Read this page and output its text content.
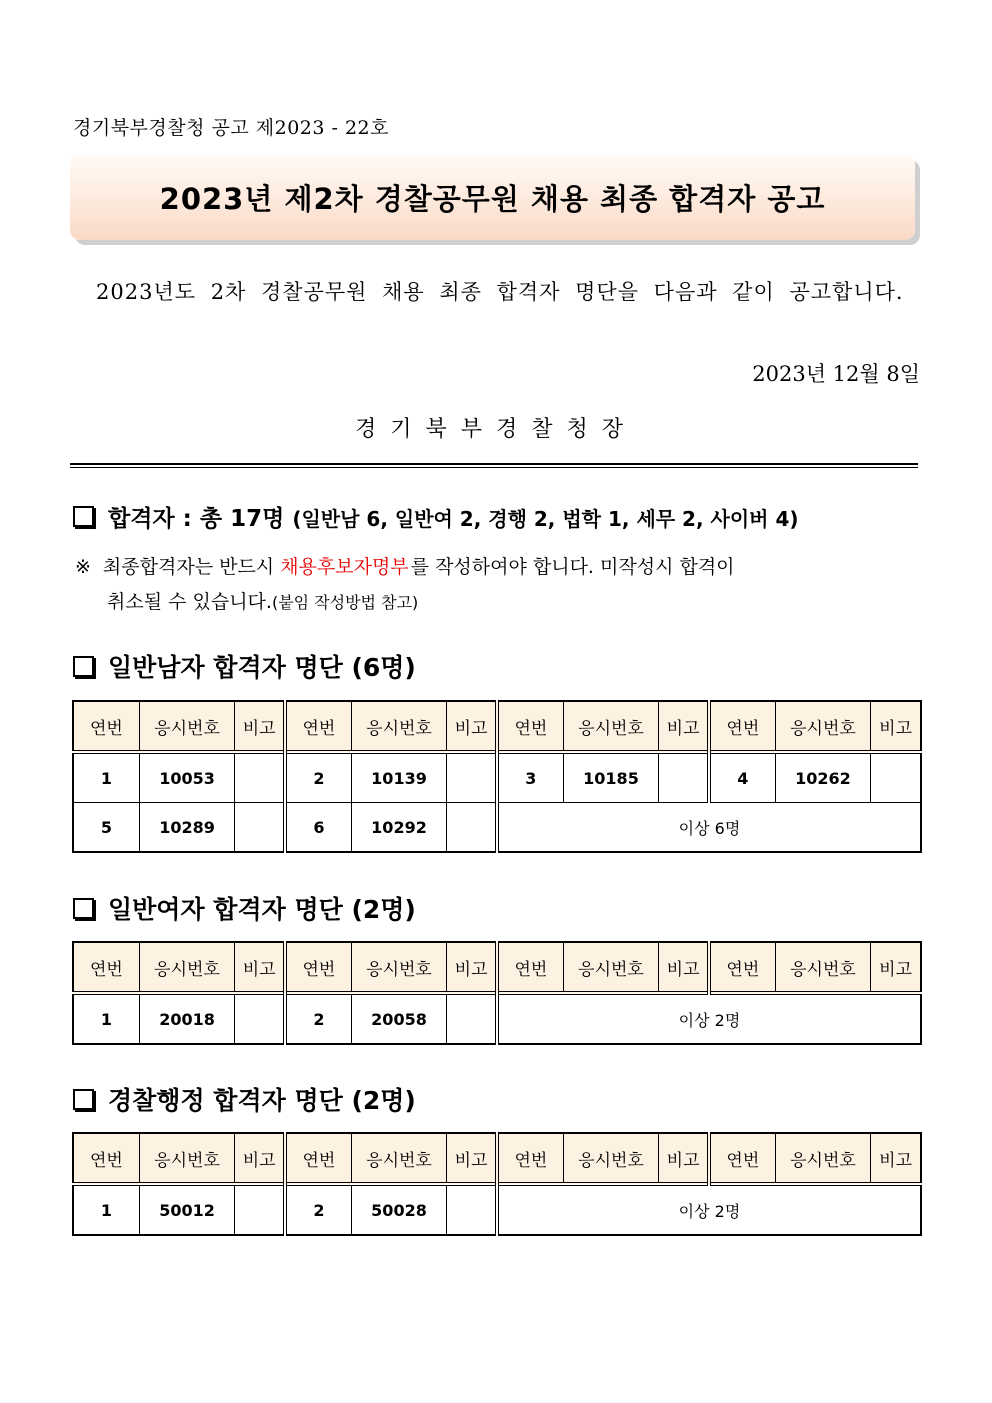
경기북부경찰청 공고 제2023 - 22호
2023년 제2차 경찰공무원 채용 최종 합격자 공고
2023년도 2차 경찰공무원 채용 최종 합격자 명단을 다음과 같이 공고합니다.
2023년 12월 8일
경기북부경찰청장
합격자 : 총 17명 (일반남 6, 일반여 2, 경행 2, 법학 1, 세무 2, 사이버 4)
※ 최종합격자는 반드시 채용후보자명부 를 작성하여야 합니다. 미작성시 합격이
취소될 수 있습니다.(붙임 작성방법 참고)
일반남자 합격자 명단 (6명)
연번	응시번호	비고	연번	응시번호	비고	연번	응시번호	비고	연번	응시번호	비고
1	10053		2	10139		3	10185		4	10262	
5	10289		6	10292		이상 6명					
일반여자 합격자 명단 (2명)
연번	응시번호	비고	연번	응시번호	비고	연번	응시번호	비고	연번	응시번호	비고
1	20018		2	20058		이상 2명					
경찰행정 합격자 명단 (2명)
연번	응시번호	비고	연번	응시번호	비고	연번	응시번호	비고	연번	응시번호	비고
1	50012		2	50028		이상 2명					
